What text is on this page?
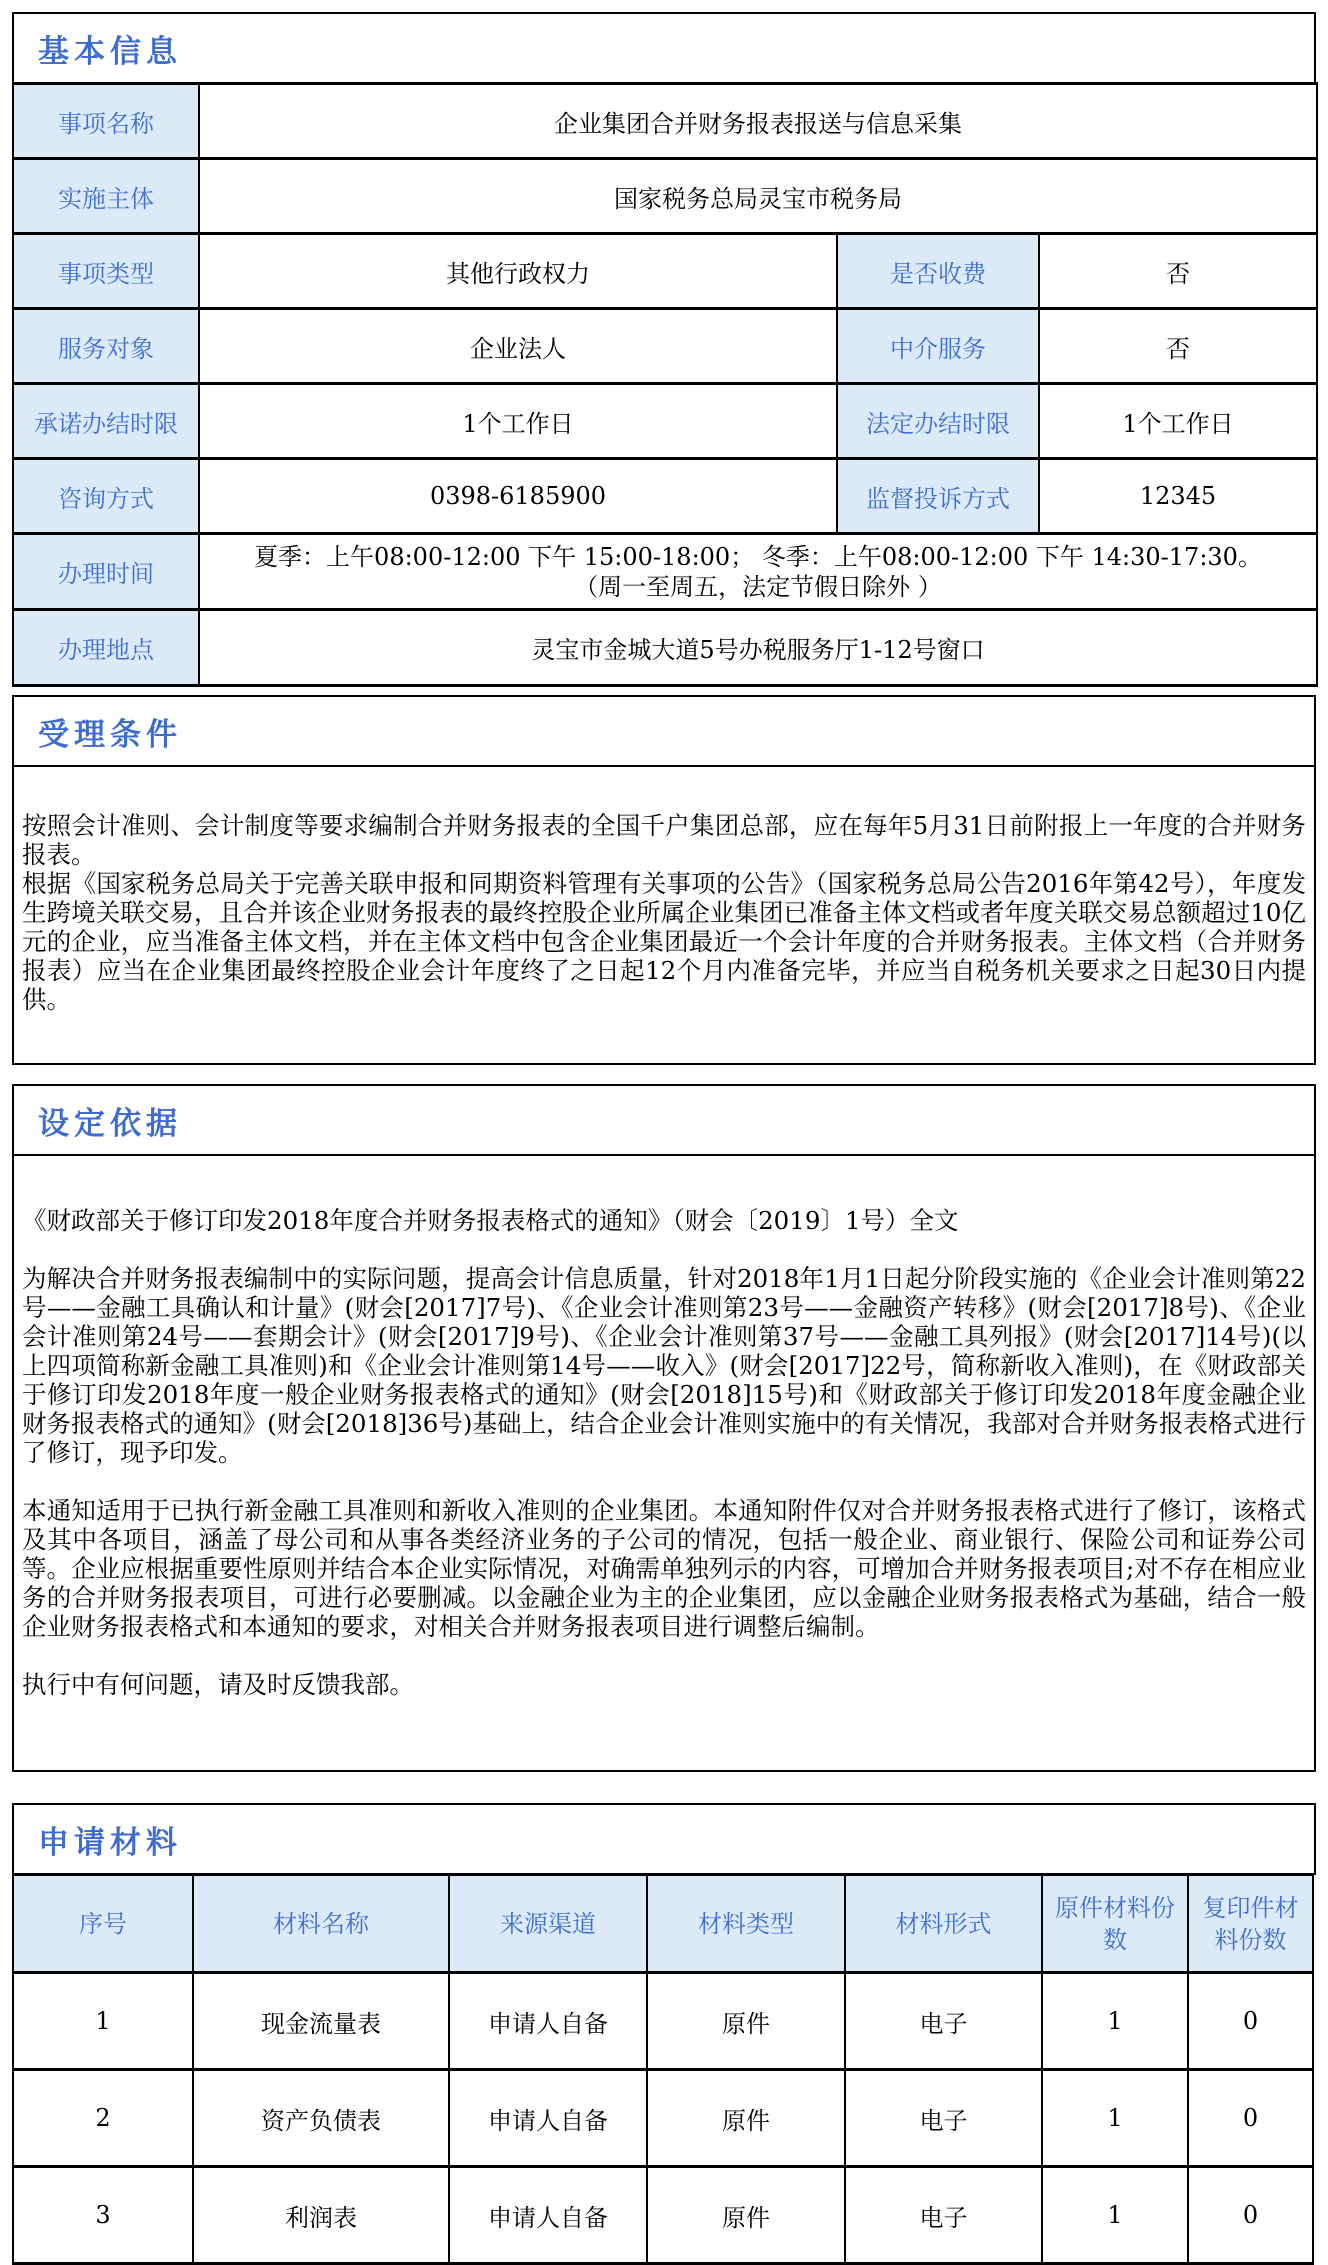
基本信息
事项名称	企业集团合并财务报表报送与信息采集		
实施主体	国家税务总局灵宝市税务局		
事项类型	其他行政权力	是否收费	否
服务对象	企业法人	中介服务	否
承诺办结时限	1个工作日	法定办结时限	1个工作日
咨询方式	0398-6185900	监督投诉方式	12345
办理时间	夏季：上午08:00-12:00 下午 15:00-18:00； 冬季：上午08:00-12:00 下午 14:30-17:30。
（周一至周五，法定节假日除外 ）		

办理地点	灵宝市金城大道5号办税服务厅1-12号窗口		
受理条件

按照会计准则、会计制度等要求编制合并财务报表的全国千户集团总部，应在每年5月31日前附报上一年度的合并财务报表。

根据《国家税务总局关于完善关联申报和同期资料管理有关事项的公告》（国家税务总局公告2016年第42号），年度发生跨境关联交易，且合并该企业财务报表的最终控股企业所属企业集团已准备主体文档或者年度关联交易总额超过10亿元的企业，应当准备主体文档，并在主体文档中包含企业集团最近一个会计年度的合并财务报表。主体文档（合并财务报表）应当在企业集团最终控股企业会计年度终了之日起12个月内准备完毕，并应当自税务机关要求之日起30日内提供。

设定依据

《财政部关于修订印发2018年度合并财务报表格式的通知》（财会〔2019〕1号）全文

为解决合并财务报表编制中的实际问题，提高会计信息质量，针对2018年1月1日起分阶段实施的《企业会计准则第22号——金融工具确认和计量》(财会[2017]7号)、《企业会计准则第23号——金融资产转移》(财会[2017]8号)、《企业会计准则第24号——套期会计》(财会[2017]9号)、《企业会计准则第37号——金融工具列报》(财会[2017]14号)(以上四项简称新金融工具准则)和《企业会计准则第14号——收入》(财会[2017]22号，简称新收入准则)，在《财政部关于修订印发2018年度一般企业财务报表格式的通知》(财会[2018]15号)和《财政部关于修订印发2018年度金融企业财务报表格式的通知》(财会[2018]36号)基础上，结合企业会计准则实施中的有关情况，我部对合并财务报表格式进行了修订，现予印发。

本通知适用于已执行新金融工具准则和新收入准则的企业集团。本通知附件仅对合并财务报表格式进行了修订，该格式及其中各项目，涵盖了母公司和从事各类经济业务的子公司的情况，包括一般企业、商业银行、保险公司和证券公司等。企业应根据重要性原则并结合本企业实际情况，对确需单独列示的内容，可增加合并财务报表项目;对不存在相应业务的合并财务报表项目，可进行必要删减。以金融企业为主的企业集团，应以金融企业财务报表格式为基础，结合一般企业财务报表格式和本通知的要求，对相关合并财务报表项目进行调整后编制。

执行中有何问题，请及时反馈我部。

申请材料
序号	材料名称	来源渠道	材料类型	材料形式	原件材料份数	复印件材料份数
1	现金流量表	申请人自备	原件	电子	1	0
2	资产负债表	申请人自备	原件	电子	1	0
3	利润表	申请人自备	原件	电子	1	0
